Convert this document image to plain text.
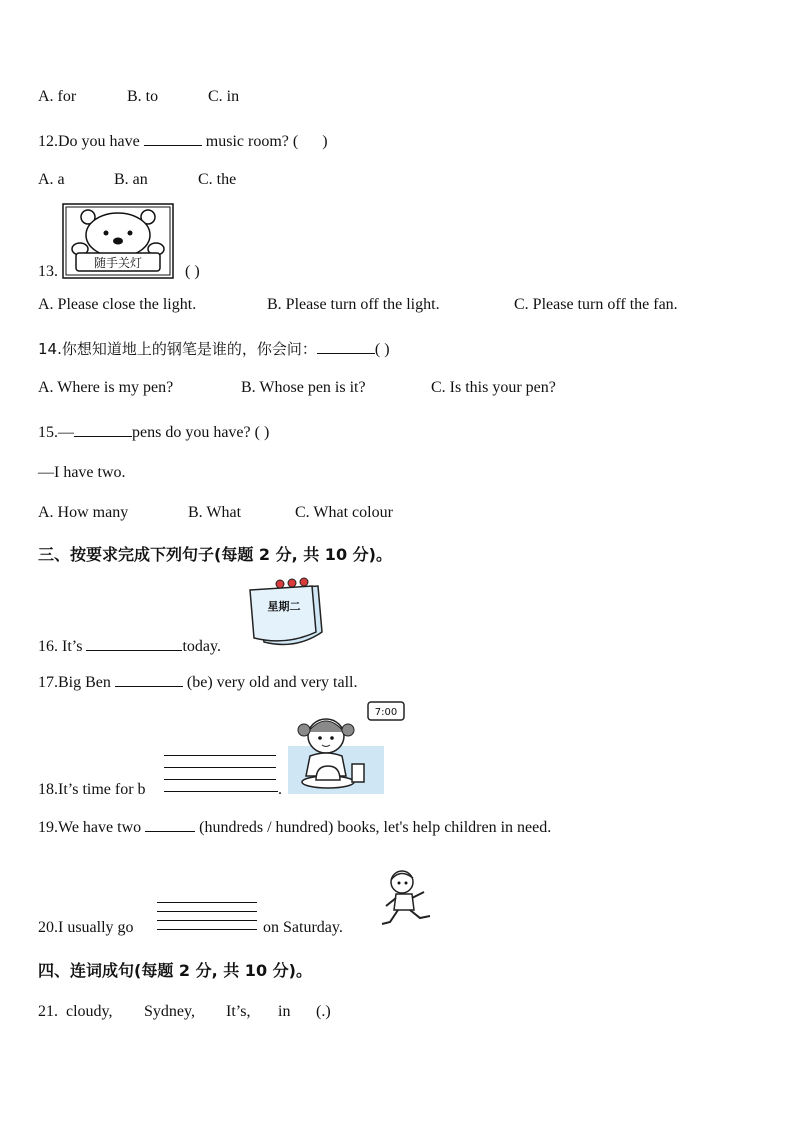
A. for	B. to	C. in
12.Do you have	music room? ( )
A. a	B. an	C. the
13.	随手关灯	( )
A. Please close the light.	B. Please turn off the light.	C. Please turn off the fan.
14.你想知道地上的钢笔是谁的，你会问：	( )
A. Where is my pen?	B. Whose pen is it?	C. Is this your pen?
15.—	pens do you have? ( )
—I have two.
A. How many	B. What	C. What colour
三、按要求完成下列句子(每题 2 分, 共 10 分)。
16. It’s	today.
星期二
17.Big Ben	(be) very old and very tall.
18.It’s time for b	.
7:00
19.We have two	(hundreds / hundred) books, let's help children in need.
20.I usually go	on Saturday.
四、连词成句(每题 2 分, 共 10 分)。
21. cloudy, Sydney, It’s, in (.)
